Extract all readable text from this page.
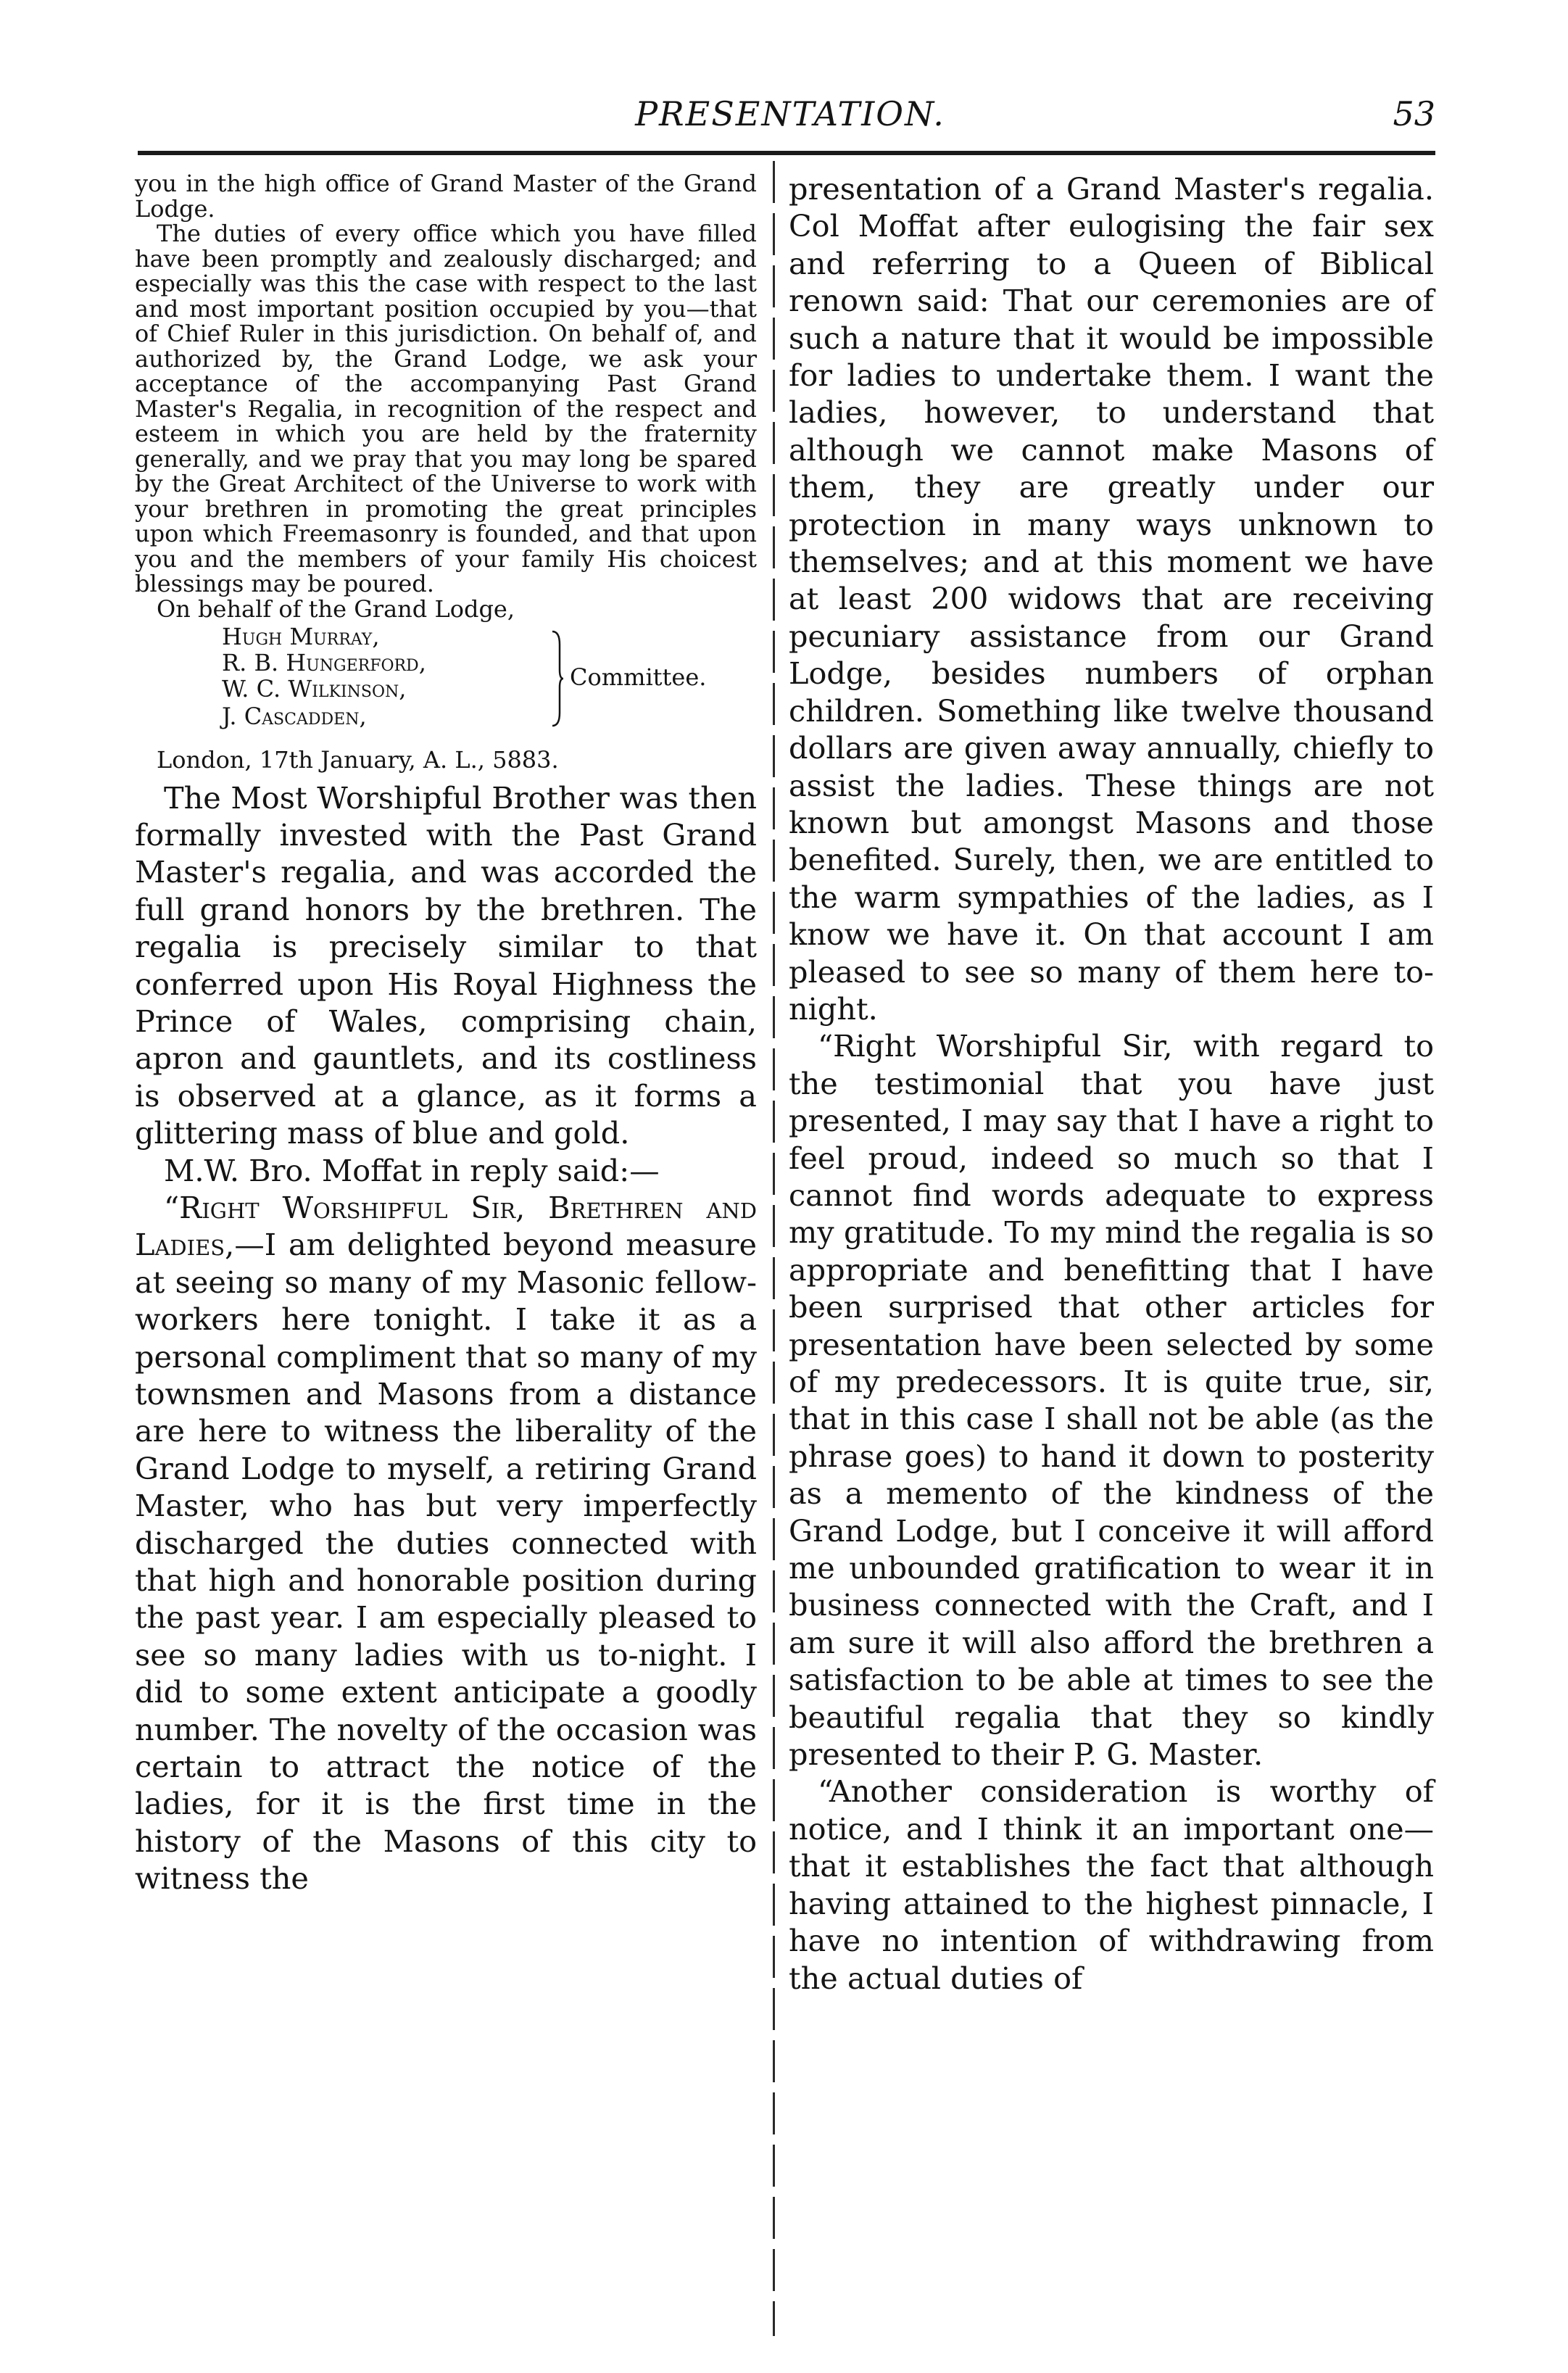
PRESENTATION.	53

you in the high office of Grand Master of the Grand Lodge.

The duties of every office which you have filled have been promptly and zealously discharged; and especially was this the case with respect to the last and most important position occupied by you—that of Chief Ruler in this jurisdiction. On behalf of, and authorized by, the Grand Lodge, we ask your acceptance of the accompanying Past Grand Master's Regalia, in recognition of the respect and esteem in which you are held by the fraternity generally, and we pray that you may long be spared by the Great Architect of the Universe to work with your brethren in promoting the great principles upon which Freemasonry is founded, and that upon you and the members of your family His choicest blessings may be poured.

On behalf of the Grand Lodge,

Hugh Murray,
R. B. Hungerford,
W. C. Wilkinson,
J. Cascadden,
Committee.
London, 17th January, A. L., 5883.

The Most Worshipful Brother was then formally invested with the Past Grand Master's regalia, and was accorded the full grand honors by the brethren. The regalia is precisely similar to that conferred upon His Royal Highness the Prince of Wales, comprising chain, apron and gauntlets, and its costliness is observed at a glance, as it forms a glittering mass of blue and gold.

M.W. Bro. Moffat in reply said:—

“Right Worshipful Sir, Brethren and Ladies,—I am delighted beyond measure at seeing so many of my Masonic fellow-workers here tonight. I take it as a personal compliment that so many of my townsmen and Masons from a distance are here to witness the liberality of the Grand Lodge to myself, a retiring Grand Master, who has but very imperfectly discharged the duties connected with that high and honorable position during the past year. I am especially pleased to see so many ladies with us to-night. I did to some extent anticipate a goodly number. The novelty of the occasion was certain to attract the notice of the ladies, for it is the first time in the history of the Masons of this city to witness the

presentation of a Grand Master's regalia. Col Moffat after eulogising the fair sex and referring to a Queen of Biblical renown said: That our ceremonies are of such a nature that it would be impossible for ladies to undertake them. I want the ladies, however, to understand that although we cannot make Masons of them, they are greatly under our protection in many ways unknown to themselves; and at this moment we have at least 200 widows that are receiving pecuniary assistance from our Grand Lodge, besides numbers of orphan children. Something like twelve thousand dollars are given away annually, chiefly to assist the ladies. These things are not known but amongst Masons and those benefited. Surely, then, we are entitled to the warm sympathies of the ladies, as I know we have it. On that account I am pleased to see so many of them here to-night.

“Right Worshipful Sir, with regard to the testimonial that you have just presented, I may say that I have a right to feel proud, indeed so much so that I cannot find words adequate to express my gratitude. To my mind the regalia is so appropriate and benefitting that I have been surprised that other articles for presentation have been selected by some of my predecessors. It is quite true, sir, that in this case I shall not be able (as the phrase goes) to hand it down to posterity as a memento of the kindness of the Grand Lodge, but I conceive it will afford me unbounded gratification to wear it in business connected with the Craft, and I am sure it will also afford the brethren a satisfaction to be able at times to see the beautiful regalia that they so kindly presented to their P. G. Master.

“Another consideration is worthy of notice, and I think it an important one—that it establishes the fact that although having attained to the highest pinnacle, I have no intention of withdrawing from the actual duties of
